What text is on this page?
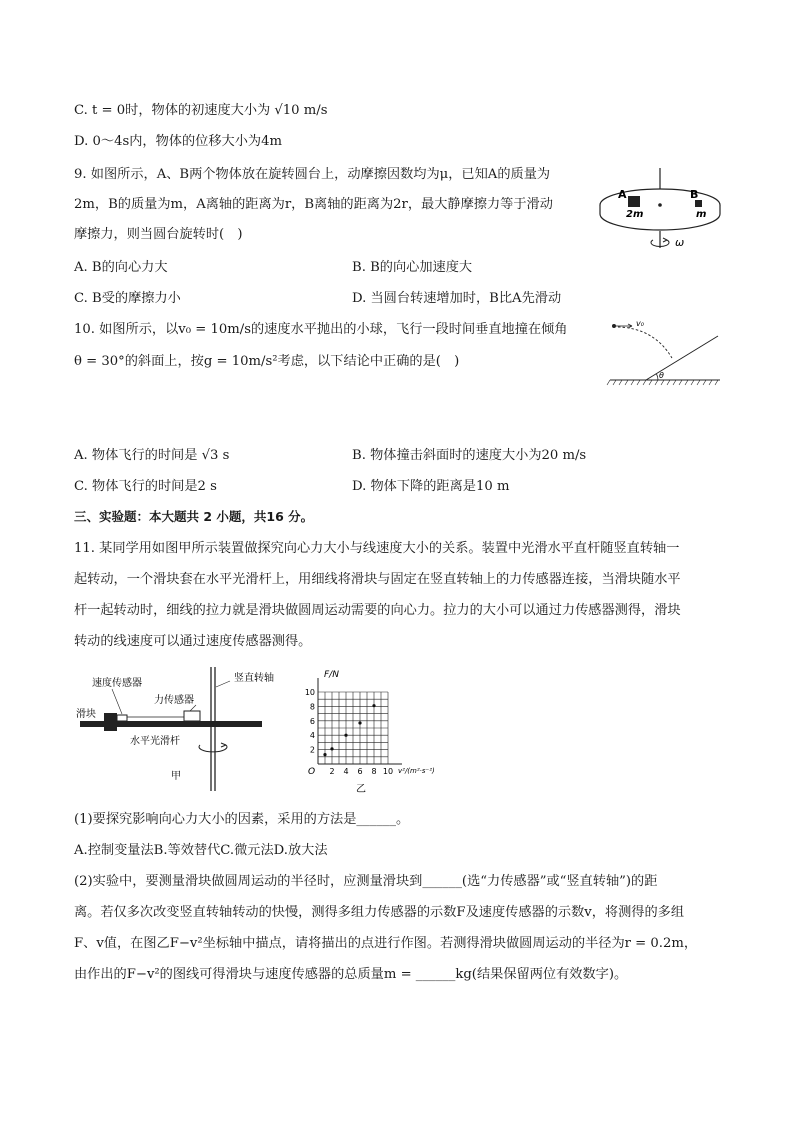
C. t = 0时，物体的初速度大小为 √10 m/s
D. 0～4s内，物体的位移大小为4m
9. 如图所示，A、B两个物体放在旋转圆台上，动摩擦因数均为μ，已知A的质量为
2m，B的质量为m，A离轴的距离为r，B离轴的距离为2r，最大静摩擦力等于滑动
摩擦力，则当圆台旋转时(　)
A. B的向心力大	B. B的向心加速度大
C. B受的摩擦力小	D. 当圆台转速增加时，B比A先滑动
A
2m
B
m
ω
10. 如图所示，以v₀ = 10m/s的速度水平抛出的小球，飞行一段时间垂直地撞在倾角
θ = 30°的斜面上，按g = 10m/s²考虑，以下结论中正确的是(　)
v₀
θ
A. 物体飞行的时间是 √3 s	B. 物体撞击斜面时的速度大小为20 m/s
C. 物体飞行的时间是2 s	D. 物体下降的距离是10 m
三、实验题：本大题共 2 小题，共16 分。
11. 某同学用如图甲所示装置做探究向心力大小与线速度大小的关系。装置中光滑水平直杆随竖直转轴一
起转动，一个滑块套在水平光滑杆上，用细线将滑块与固定在竖直转轴上的力传感器连接，当滑块随水平
杆一起转动时，细线的拉力就是滑块做圆周运动需要的向心力。拉力的大小可以通过力传感器测得，滑块
转动的线速度可以通过速度传感器测得。
速度传感器
力传感器
竖直转轴
滑块
水平光滑杆
甲	2 4 6 8 10
2
4
6
8
10
F/N
v²/(m²·s⁻²)
O
乙
(1)要探究影响向心力大小的因素，采用的方法是______。
A.控制变量法B.等效替代C.微元法D.放大法
(2)实验中，要测量滑块做圆周运动的半径时，应测量滑块到______(选“力传感器”或“竖直转轴”)的距
离。若仅多次改变竖直转轴转动的快慢，测得多组力传感器的示数F及速度传感器的示数v，将测得的多组
F、v值，在图乙F−v²坐标轴中描点，请将描出的点进行作图。若测得滑块做圆周运动的半径为r = 0.2m，
由作出的F−v²的图线可得滑块与速度传感器的总质量m = ______kg(结果保留两位有效数字)。
